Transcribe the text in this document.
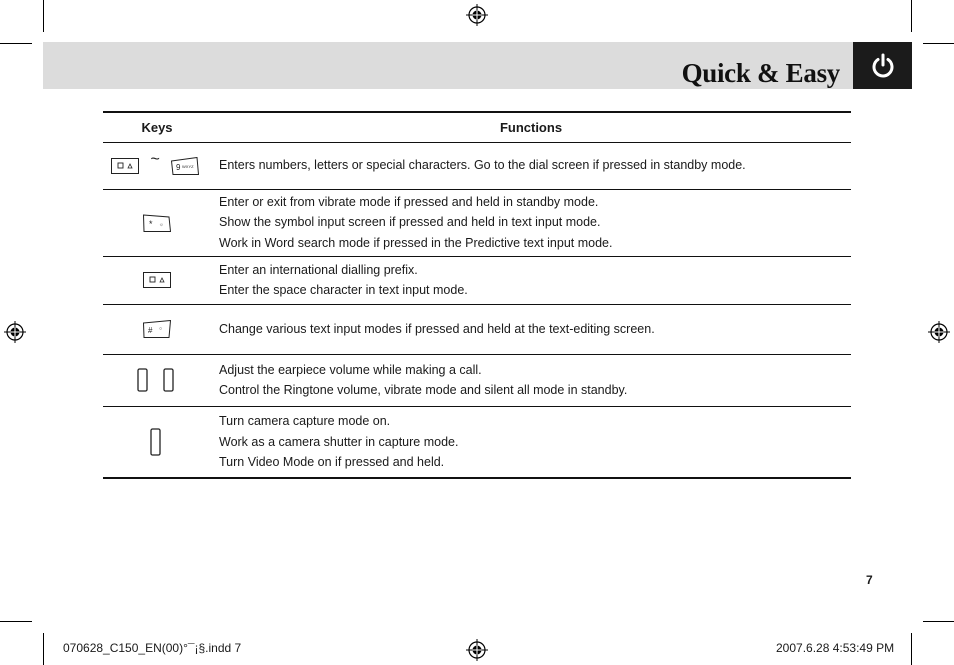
Quick & Easy
Keys	Functions
~ 9 WXYZ	Enters numbers, letters or special characters. Go to the dial screen if pressed in standby mode.

* ☼	Enter or exit from vibrate mode if pressed and held in standby mode.
Show the symbol input screen if pressed and held in text input mode.
Work in Word search mode if pressed in the Predictive text input mode.

Enter an international dialling prefix.
Enter the space character in text input mode.

# ○	Change various text input modes if pressed and held at the text-editing screen.

Adjust the earpiece volume while making a call.
Control the Ringtone volume, vibrate mode and silent all mode in standby.

Turn camera capture mode on.
Work as a camera shutter in capture mode.
Turn Video Mode on if pressed and held.
7
070628_C150_EN(00)°¯¡§.indd 7	2007.6.28 4:53:49 PM
